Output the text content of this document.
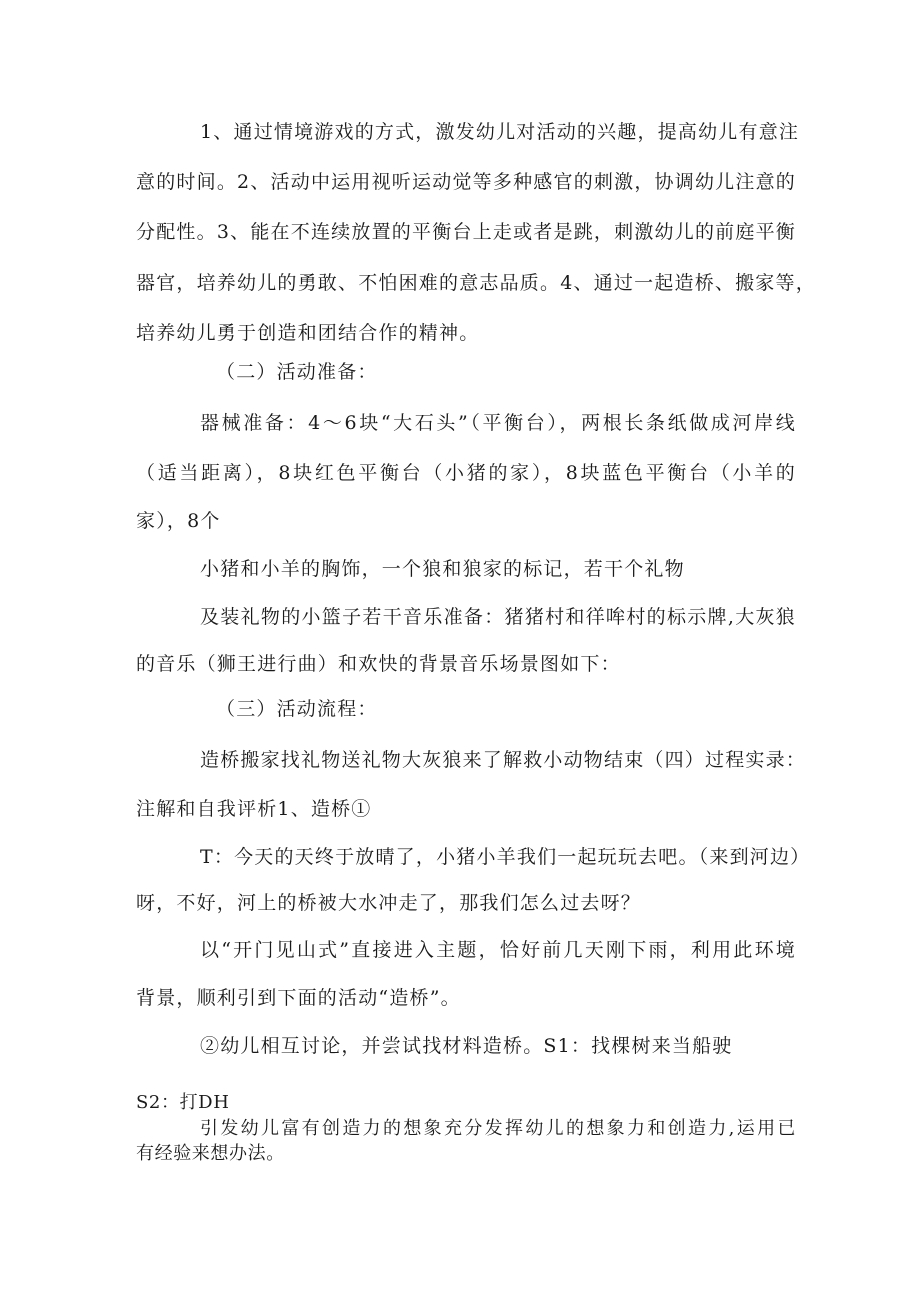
1、通过情境游戏的方式，激发幼儿对活动的兴趣，提高幼儿有意注
意的时间。2、活动中运用视听运动觉等多种感官的刺激，协调幼儿注意的
分配性。3、能在不连续放置的平衡台上走或者是跳，刺激幼儿的前庭平衡
器官，培养幼儿的勇敢、不怕困难的意志品质。4、通过一起造桥、搬家等，
培养幼儿勇于创造和团结合作的精神。
（二）活动准备：
器械准备：4～6块“大石头”（平衡台），两根长条纸做成河岸线
（适当距离），8块红色平衡台（小猪的家），8块蓝色平衡台（小羊的
家），8个
小猪和小羊的胸饰，一个狼和狼家的标记，若干个礼物
及装礼物的小篮子若干音乐准备：猪猪村和徉哞村的标示牌,大灰狼
的音乐（狮王进行曲）和欢快的背景音乐场景图如下：
（三）活动流程：
造桥搬家找礼物送礼物大灰狼来了解救小动物结束（四）过程实录：
注解和自我评析1、造桥①
T：今天的天终于放晴了，小猪小羊我们一起玩玩去吧。（来到河边）
呀，不好，河上的桥被大水冲走了，那我们怎么过去呀？
以“开门见山式”直接进入主题，恰好前几天刚下雨，利用此环境
背景，顺利引到下面的活动“造桥”。
②幼儿相互讨论，并尝试找材料造桥。S1：找棵树来当船驶
S2：打DH
引发幼儿富有创造力的想象充分发挥幼儿的想象力和创造力,运用已
有经验来想办法。
